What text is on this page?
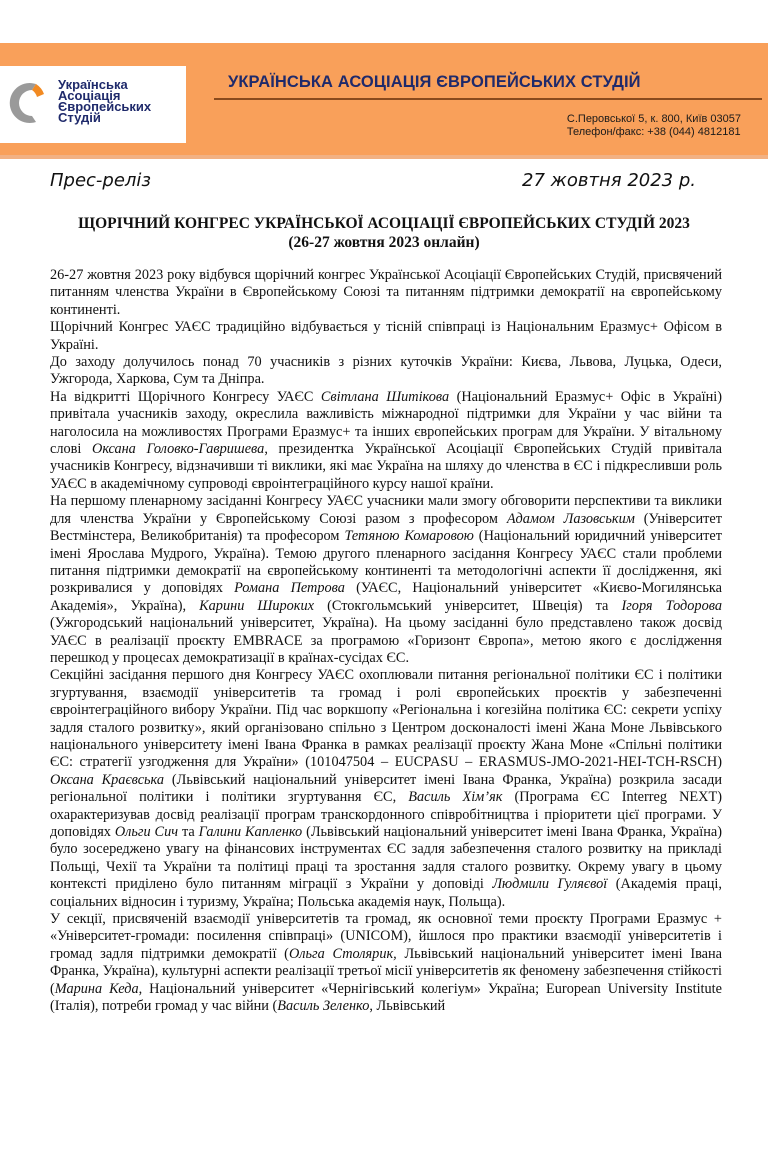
Українська
Асоціація
Європейських
Студій
УКРАЇНСЬКА АСОЦІАЦІЯ ЄВРОПЕЙСЬКИХ СТУДІЙ
С.Перовської 5, к. 800, Київ 03057
Телефон/факс: +38 (044) 4812181
Прес-реліз	27 жовтня 2023 р.
ЩОРІЧНИЙ КОНГРЕС УКРАЇНСЬКОЇ АСОЦІАЦІЇ ЄВРОПЕЙСЬКИХ СТУДІЙ 2023
(26-27 жовтня 2023 онлайн)

26-27 жовтня 2023 року відбувся щорічний конгрес Української Асоціації Європейських Студій, присвячений питанням членства України в Європейському Союзі та питанням підтримки демократії на європейському континенті.

Щорічний Конгрес УАЄС традиційно відбувається у тісній співпраці із Національним Еразмус+ Офісом в Україні.

До заходу долучилось понад 70 учасників з різних куточків України: Києва, Львова, Луцька, Одеси, Ужгорода, Харкова, Сум та Дніпра.

На відкритті Щорічного Конгресу УАЄС Світлана Шитікова (Національний Еразмус+ Офіс в Україні) привітала учасників заходу, окреслила важливість міжнародної підтримки для України у час війни та наголосила на можливостях Програми Еразмус+ та інших європейських програм для України. У вітальному слові Оксана Головко-Гавришева, президентка Української Асоціації Європейських Студій привітала учасників Конгресу, відзначивши ті виклики, які має Україна на шляху до членства в ЄС і підкресливши роль УАЄС в академічному супроводі євроінтеграційного курсу нашої країни.

На першому пленарному засіданні Конгресу УАЄС учасники мали змогу обговорити перспективи та виклики для членства України у Європейському Союзі разом з професором Адамом Лазовським (Університет Вестмінстера, Великобританія) та професором Тетяною Комаровою (Національний юридичний університет імені Ярослава Мудрого, Україна). Темою другого пленарного засідання Конгресу УАЄС стали проблеми питання підтримки демократії на європейському континенті та методологічні аспекти її дослідження, які розкривалися у доповідях Романа Петрова (УАЄС, Національний університет «Києво-Могилянська Академія», Україна), Карини Широких (Стокгольмський університет, Швеція) та Ігоря Тодорова (Ужгородський національний університет, Україна). На цьому засіданні було представлено також досвід УАЄС в реалізації проєкту EMBRACE за програмою «Горизонт Європа», метою якого є дослідження перешкод у процесах демократизації в країнах-сусідах ЄС.

Секційні засідання першого дня Конгресу УАЄС охоплювали питання регіональної політики ЄС і політики згуртування, взаємодії університетів та громад і ролі європейських проєктів у забезпеченні євроінтеграційного вибору України. Під час воркшопу «Регіональна і когезійна політика ЄС: секрети успіху задля сталого розвитку», який організовано спільно з Центром досконалості імені Жана Моне Львівського національного університету імені Івана Франка в рамках реалізації проєкту Жана Моне «Спільні політики ЄС: стратегії узгодження для України» (101047504 – EUCPASU – ERASMUS-JMO-2021-HEI-TCH-RSCH) Оксана Краєвська (Львівський національний університет імені Івана Франка, Україна) розкрила засади регіональної політики і політики згуртування ЄС, Василь Хім’як (Програма ЄС Interreg NEXT) охарактеризував досвід реалізації програм транскордонного співробітництва і пріоритети цієї програми. У доповідях Ольги Сич та Галини Капленко (Львівський національний університет імені Івана Франка, Україна) було зосереджено увагу на фінансових інструментах ЄС задля забезпечення сталого розвитку на прикладі Польщі, Чехії та України та політиці праці та зростання задля сталого розвитку. Окрему увагу в цьому контексті приділено було питанням міграції з України у доповіді Людмили Гуляєвої (Академія праці, соціальних відносин і туризму, Україна; Польська академія наук, Польща).

У секції, присвяченій взаємодії університетів та громад, як основної теми проєкту Програми Еразмус + «Університет-громади: посилення співпраці» (UNICOM), йшлося про практики взаємодії університетів і громад задля підтримки демократії (Ольга Столярик, Львівський національний університет імені Івана Франка, Україна), культурні аспекти реалізації третьої місії університетів як феномену забезпечення стійкості (Марина Кеда, Національний університет «Чернігівський колегіум» Україна; European University Institute (Італія), потреби громад у час війни (Василь Зеленко, Львівський
